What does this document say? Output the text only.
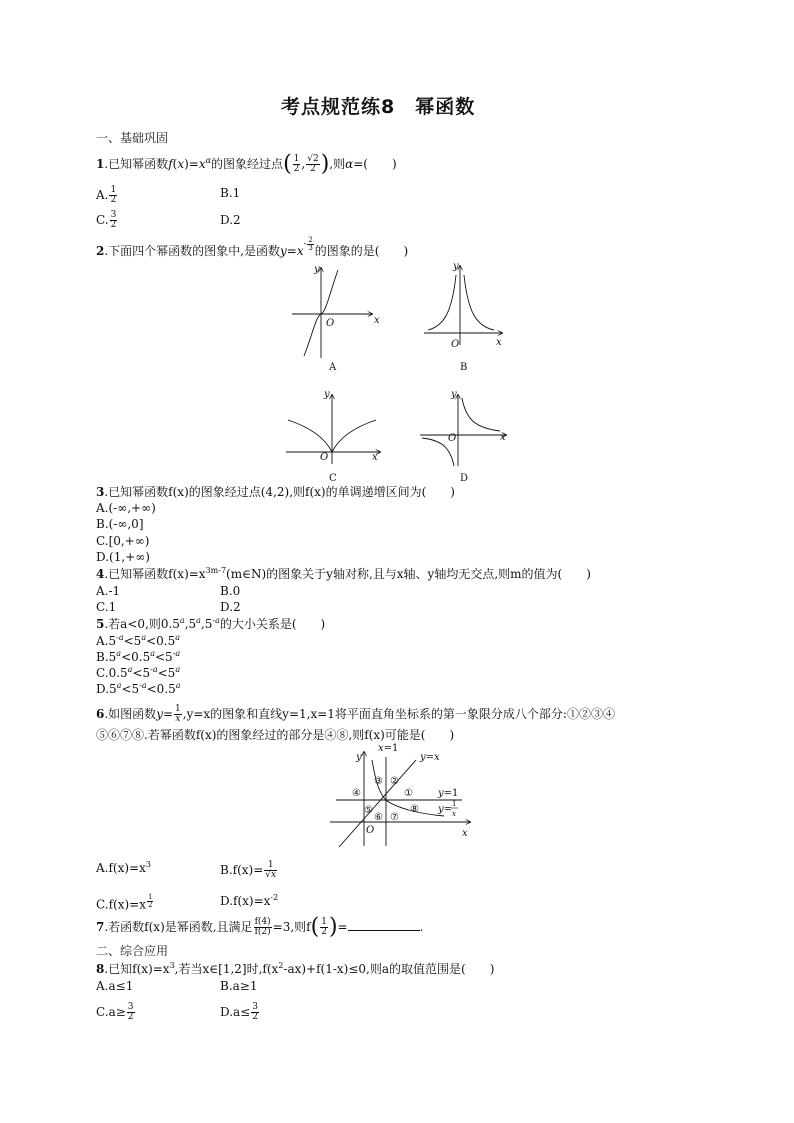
考点规范练8　幂函数
一、基础巩固
1.已知幂函数$f(x)=x^\alpha$的图象经过点( $\frac{1}{2}$ , $\frac{√2}{2}$ ),则α=(　　)
A. $\frac{1}{2}$	B.1
C. $\frac{3}{2}$	D.2
2.下面四个幂函数的图象中,是函数$y=x^{- \frac{2}{3}}$ 的图象的是(　　)
x
y
O
A
x
y
O
B
x
y
O
C
x
y
O
D
3.已知幂函数f(x)的图象经过点(4,2),则f(x)的单调递增区间为(　　)
A.(-∞,+∞)
B.(-∞,0]
C.[0,+∞)
D.(1,+∞)
4.已知幂函数$f(x)=x^{3m-7}(m\in N)$的图象关于y轴对称,且与x轴、y轴均无交点,则m的值为(　　)
A.-1	B.0
C.1	D.2
5.若a<0,则$0.5^a,5^a,5^{-a}$的大小关系是(　　)
$A.5^{-a}<5^a<0.5^a$
$B.5^a<0.5^a<5^{-a}$
$C.0.5^a<5^{-a}<5^a$
$D.5^a<5^{-a}<0.5^a$
6.如图函数$y= \frac{1}{x} ,y=x$的图象和直线y=1,x=1将平面直角坐标系的第一象限分成八个部分:①②③④
⑤⑥⑦⑧.若幂函数f(x)的图象经过的部分是④⑧,则f(x)可能是(　　)
x=1
y=x
y=1
y= 1
x
O	x
y
③ ②
①
④
⑤	⑧
⑥ ⑦
$A.f(x)=x^3$	$B.f(x)= \frac{1}{√x}$
C.f(x)=x $^{\frac{1}{2}}$	$D.f(x)=x^{-2}$
7.若函数f(x)是幂函数,且满足 $\frac{f(4)}{f(2)} =3$,则$f( \frac{1}{2}$ )=	.
二、综合应用
8.已知$f(x)=x^3$,若当x∈[1,2]时$,f(x^2-ax)+f(1-x)\le 0$,则a的取值范围是(　　)
A.a≤1	B.a≥1
$C.a\ge \frac{3}{2}$	$D.a\le \frac{3}{2}$
